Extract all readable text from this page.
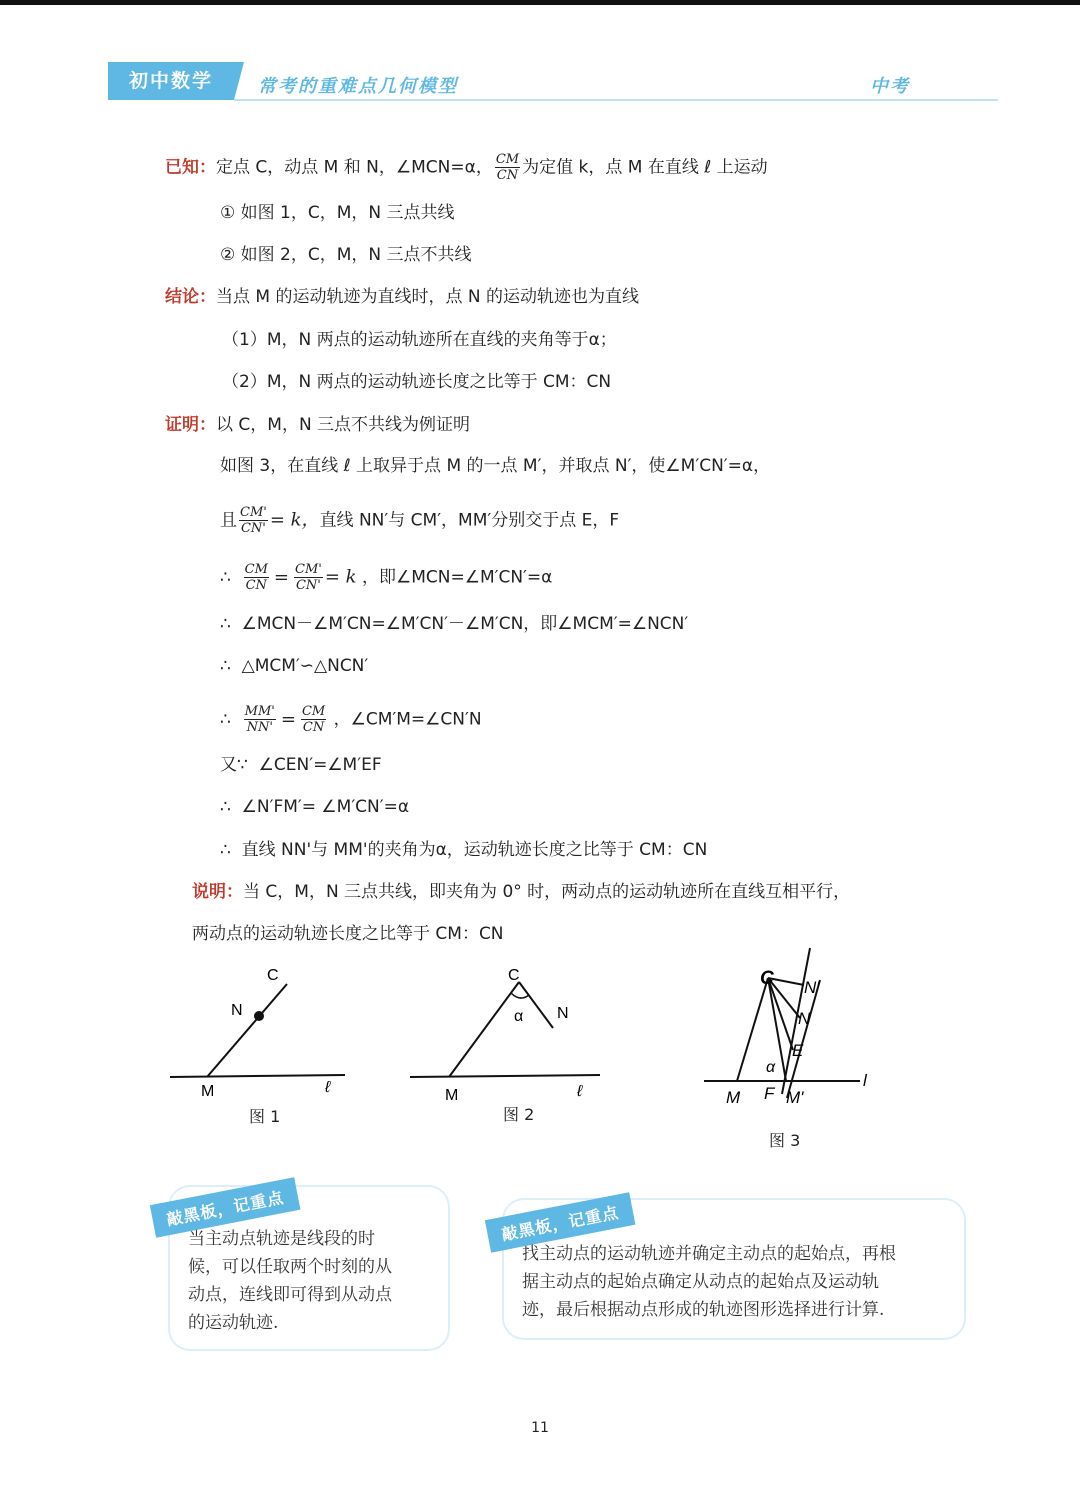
初中数学	常考的重难点几何模型	中考
已知：定点 C，动点 M 和 N，∠MCN=α， $\frac{CM}{CN}$ 为定值 k，点 M 在直线 ℓ 上运动
① 如图 1，C，M，N 三点共线
② 如图 2，C，M，N 三点不共线
结论：当点 M 的运动轨迹为直线时，点 N 的运动轨迹也为直线
（1）M，N 两点的运动轨迹所在直线的夹角等于α；
（2）M，N 两点的运动轨迹长度之比等于 CM：CN
证明：以 C，M，N 三点不共线为例证明
如图 3，在直线 ℓ 上取异于点 M 的一点 M′，并取点 N′，使∠M′CN′=α，
且 $\frac{CM'}{CN'} = k$，直线 NN′与 CM′，MM′分别交于点 E，F
∴ $\frac{CM}{CN} = \frac{CM'}{CN'} = k$ ，即∠MCN=∠M′CN′=α
∴ ∠MCN－∠M′CN=∠M′CN′－∠M′CN，即∠MCM′=∠NCN′
∴ △MCM′∽△NCN′
∴ $\frac{MM'}{NN'} = \frac{CM}{CN}$ ，∠CM′M=∠CN′N
又∵ ∠CEN′=∠M′EF
∴ ∠N′FM′= ∠M′CN′=α
∴ 直线 NN'与 MM'的夹角为α，运动轨迹长度之比等于 CM：CN
说明：当 C，M，N 三点共线，即夹角为 0° 时，两动点的运动轨迹所在直线互相平行，
两动点的运动轨迹长度之比等于 CM：CN
C
N
M	ℓ
图 1
C
α N
M	ℓ
图 2
C N'
N
E
α
M F M'
l
图 3
当主动点轨迹是线段的时
候，可以任取两个时刻的从
动点，连线即可得到从动点
的运动轨迹.
敲黑板，记重点
找主动点的运动轨迹并确定主动点的起始点，再根
据主动点的起始点确定从动点的起始点及运动轨
迹，最后根据动点形成的轨迹图形选择进行计算.
敲黑板，记重点
11
